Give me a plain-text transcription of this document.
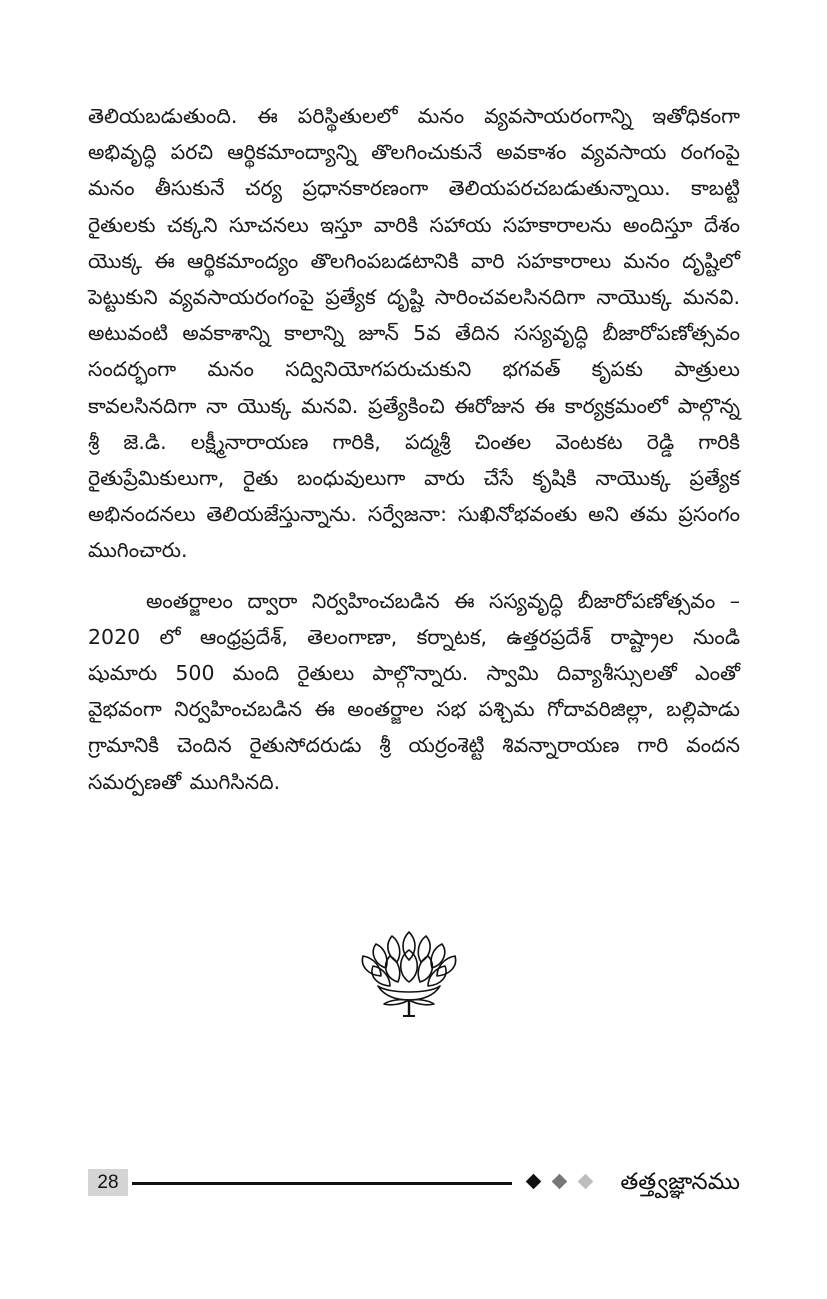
తెలియబడుతుంది. ఈ పరిస్థితులలో మనం వ్యవసాయరంగాన్ని ఇతోధికంగా అభివృద్ధి పరచి ఆర్థికమాంద్యాన్ని తొలగించుకునే అవకాశం వ్యవసాయ రంగంపై మనం తీసుకునే చర్య ప్రధానకారణంగా తెలియపరచబడుతున్నాయి. కాబట్టి రైతులకు చక్కని సూచనలు ఇస్తూ వారికి సహాయ సహకారాలను అందిస్తూ దేశం యొక్క ఈ ఆర్థికమాంద్యం తొలగింపబడటానికి వారి సహకారాలు మనం దృష్టిలో పెట్టుకుని వ్యవసాయరంగంపై ప్రత్యేక దృష్టి సారించవలసినదిగా నాయొక్క మనవి. అటువంటి అవకాశాన్ని కాలాన్ని జూన్ 5వ తేదిన సస్యవృద్ధి బీజారోపణోత్సవం సందర్భంగా మనం సద్వినియోగపరుచుకుని భగవత్ కృపకు పాత్రులు కావలసినదిగా నా యొక్క మనవి. ప్రత్యేకించి ఈరోజున ఈ కార్యక్రమంలో పాల్గొన్న శ్రీ జె.డి. లక్ష్మీనారాయణ గారికి, పద్మశ్రీ చింతల వెంటకట రెడ్డి గారికి రైతుప్రేమికులుగా, రైతు బంధువులుగా వారు చేసే కృషికి నాయొక్క ప్రత్యేక అభినందనలు తెలియజేస్తున్నాను. సర్వేజనా: సుఖినోభవంతు అని తమ ప్రసంగం ముగించారు.

అంతర్జాలం ద్వారా నిర్వహించబడిన ఈ సస్యవృద్ధి బీజారోపణోత్సవం – 2020 లో ఆంధ్రప్రదేశ్, తెలంగాణా, కర్నాటక, ఉత్తరప్రదేశ్ రాష్ట్రాల నుండి షుమారు 500 మంది రైతులు పాల్గొన్నారు. స్వామి దివ్యాశీస్సులతో ఎంతో వైభవంగా నిర్వహించబడిన ఈ అంతర్జాల సభ పశ్చిమ గోదావరిజిల్లా, బల్లిపాడు గ్రామానికి చెందిన రైతుసోదరుడు శ్రీ యర్రంశెట్టి శివన్నారాయణ గారి వందన సమర్పణతో ముగిసినది.

28	తత్త్వజ్ఞానము
